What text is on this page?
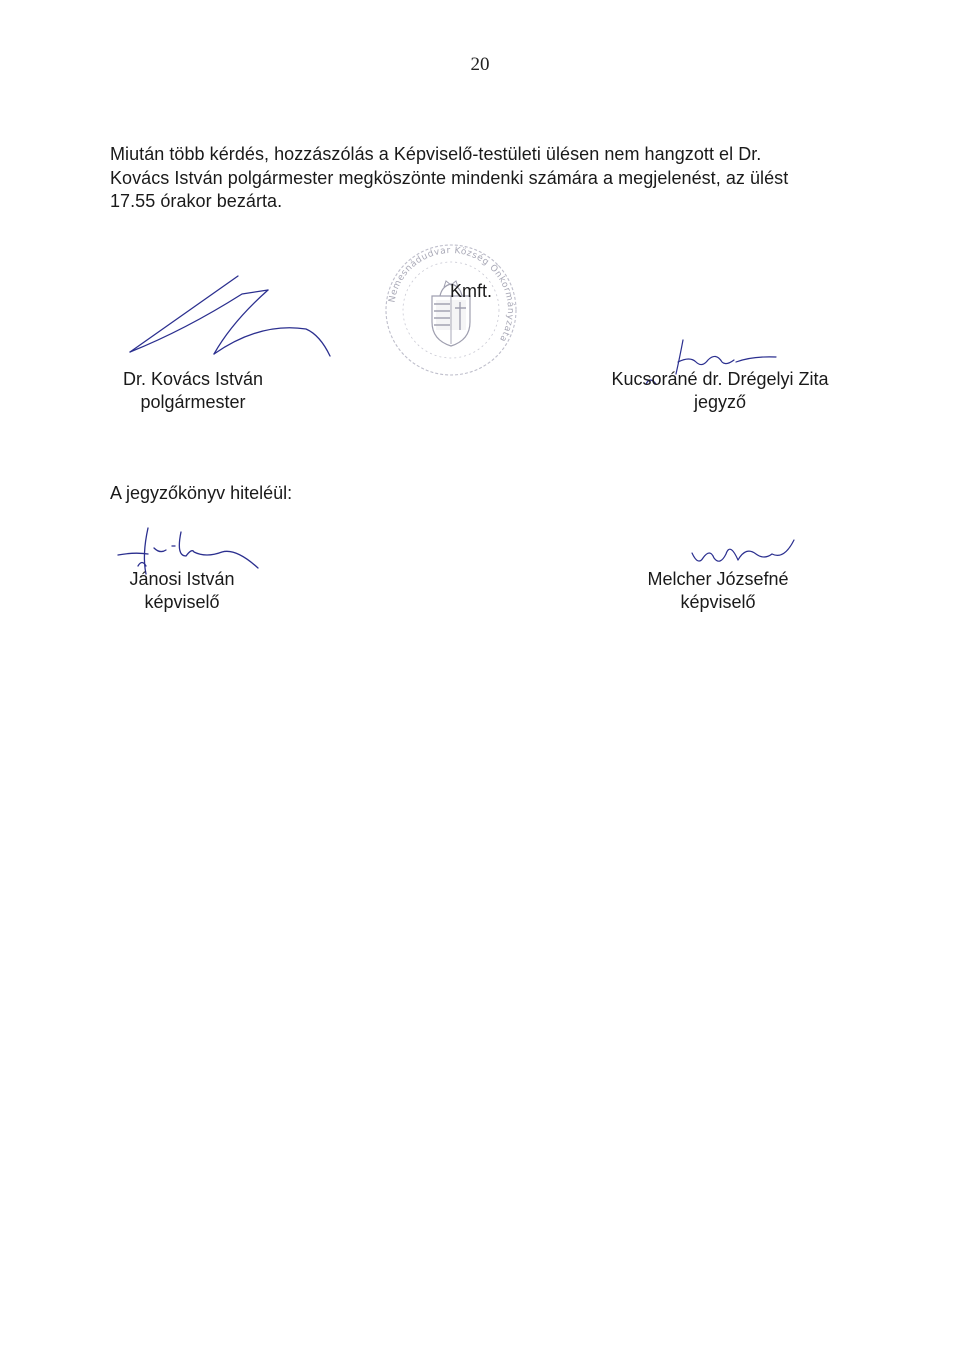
20

Miután több kérdés, hozzászólás a Képviselő-testületi ülésen nem hangzott el Dr.
Kovács István polgármester megköszönte mindenki számára a megjelenést, az ülést
17.55 órakor bezárta.

Nemesnádudvar Község Önkormányzata
Kmft.
Dr. Kovács István
polgármester
Kucsoráné dr. Drégelyi Zita
jegyző
A jegyzőkönyv hiteléül:
Jánosi István
képviselő
Melcher Józsefné
képviselő
